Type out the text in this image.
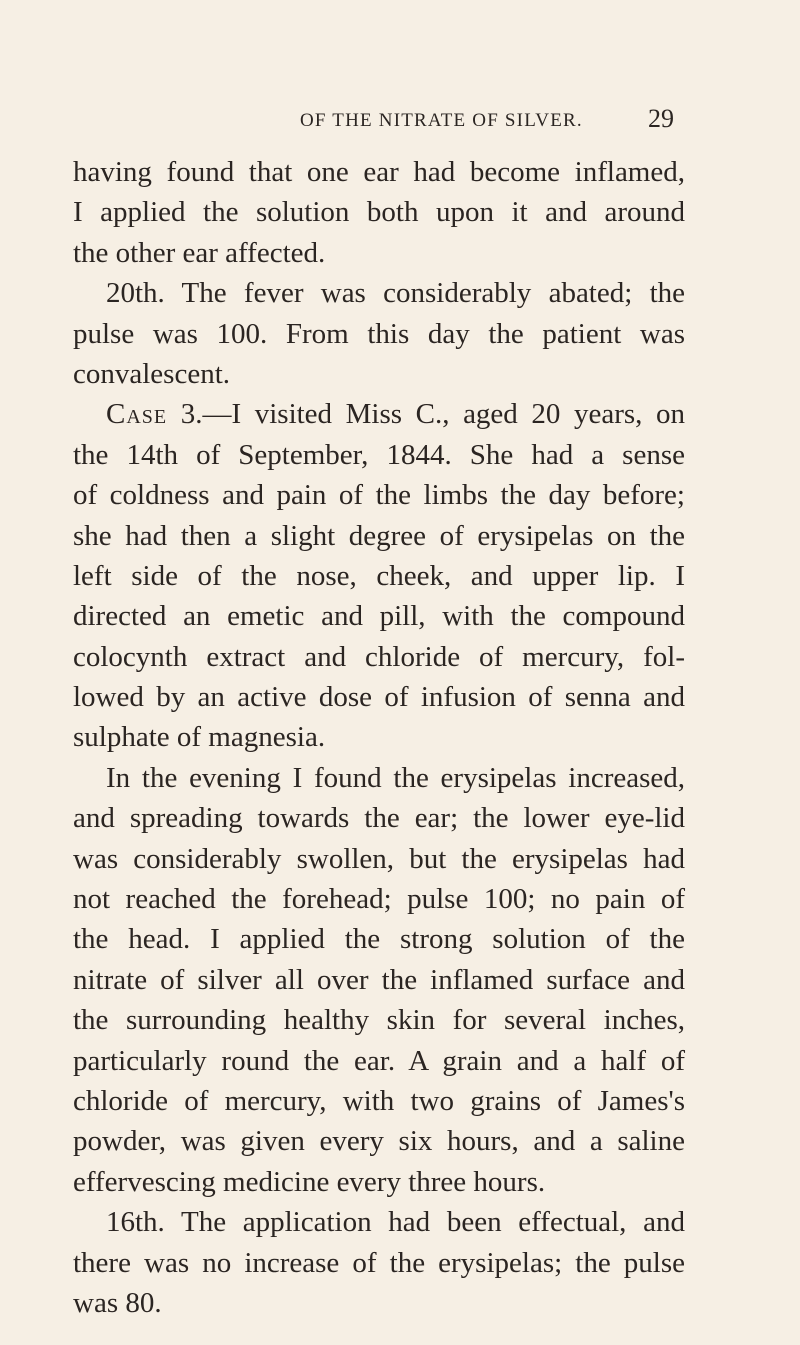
OF THE NITRATE OF SILVER.	29
having found that one ear had become inflamed,
I applied the solution both upon it and around
the other ear affected.
20th. The fever was considerably abated; the
pulse was 100. From this day the patient was
convalescent.
Case 3.—I visited Miss C., aged 20 years, on
the 14th of September, 1844. She had a sense
of coldness and pain of the limbs the day before;
she had then a slight degree of erysipelas on the
left side of the nose, cheek, and upper lip. I
directed an emetic and pill, with the compound
colocynth extract and chloride of mercury, fol-
lowed by an active dose of infusion of senna and
sulphate of magnesia.
In the evening I found the erysipelas increased,
and spreading towards the ear; the lower eye-lid
was considerably swollen, but the erysipelas had
not reached the forehead; pulse 100; no pain of
the head. I applied the strong solution of the
nitrate of silver all over the inflamed surface and
the surrounding healthy skin for several inches,
particularly round the ear. A grain and a half of
chloride of mercury, with two grains of James's
powder, was given every six hours, and a saline
effervescing medicine every three hours.
16th. The application had been effectual, and
there was no increase of the erysipelas; the pulse
was 80.
